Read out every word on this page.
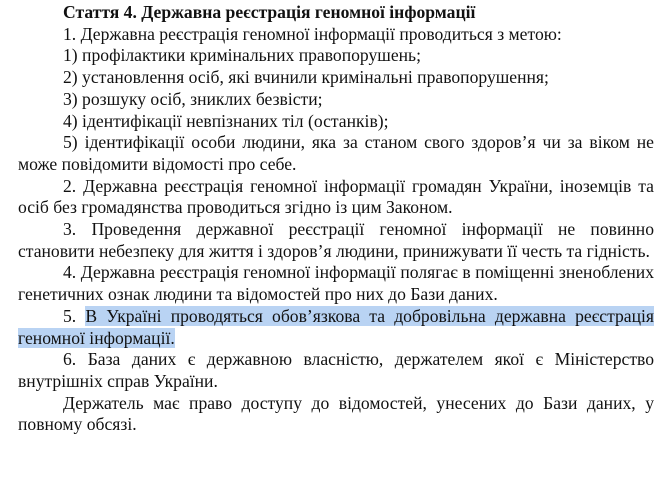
Стаття 4. Державна реєстрація геномної інформації
1. Державна реєстрація геномної інформації проводиться з метою:
1) профілактики кримінальних правопорушень;
2) установлення осіб, які вчинили кримінальні правопорушення;
3) розшуку осіб, зниклих безвісти;
4) ідентифікації невпізнаних тіл (останків);
5) ідентифікації особи людини, яка за станом свого здоров’я чи за віком не може повідомити відомості про себе.
2. Державна реєстрація геномної інформації громадян України, іноземців та осіб без громадянства проводиться згідно із цим Законом.
3. Проведення державної реєстрації геномної інформації не повинно становити небезпеку для життя і здоров’я людини, принижувати її честь та гідність.
4. Державна реєстрація геномної інформації полягає в поміщенні зненоблених генетичних ознак людини та відомостей про них до Бази даних.
5. В Україні проводяться обов’язкова та добровільна державна реєстрація геномної інформації.
6. База даних є державною власністю, держателем якої є Міністерство внутрішніх справ України.
Держатель має право доступу до відомостей, унесених до Бази даних, у повному обсязі.
